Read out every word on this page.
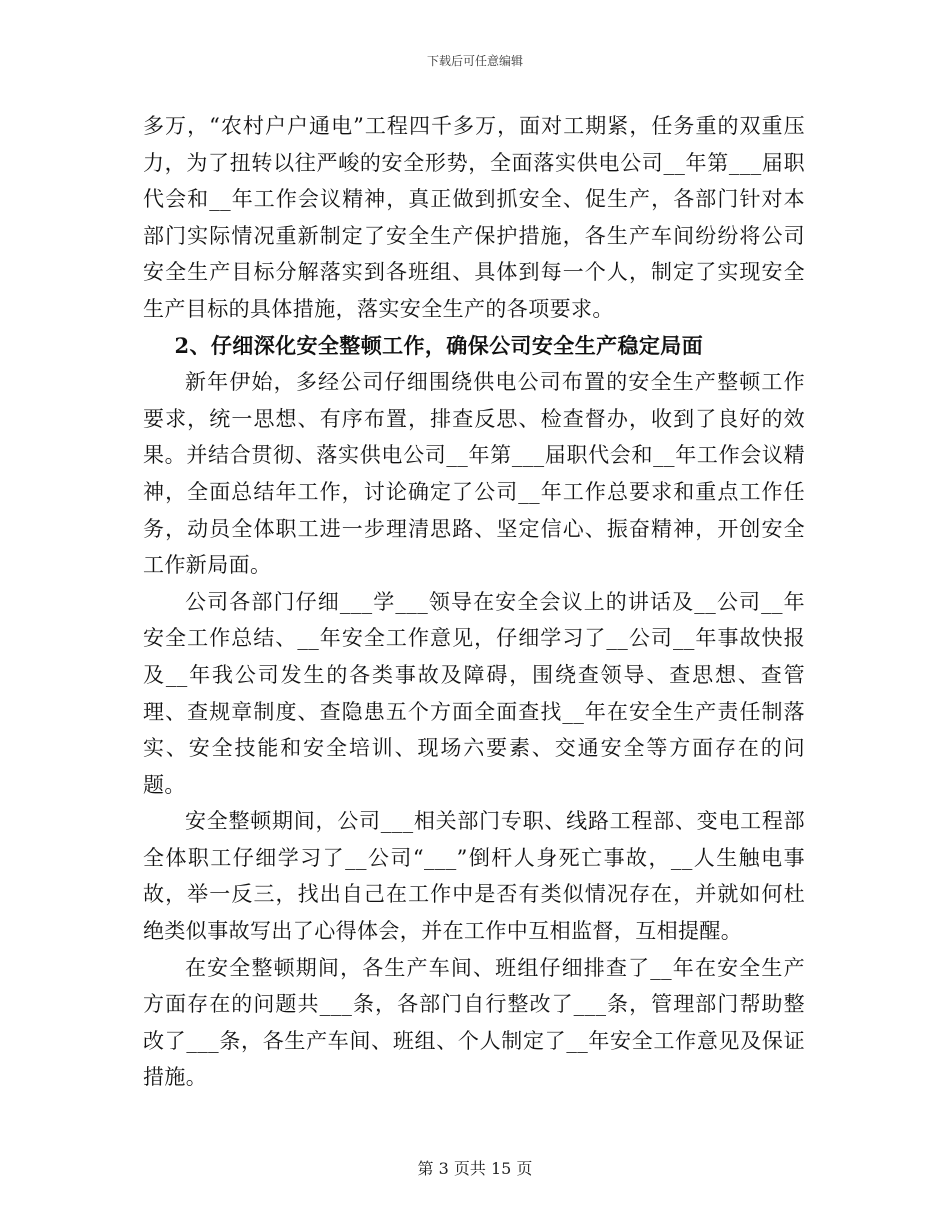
下载后可任意编辑

多万，“农村户户通电”工程四千多万，面对工期紧，任务重的双重压力，为了扭转以往严峻的安全形势，全面落实供电公司__年第___届职代会和__年工作会议精神，真正做到抓安全、促生产，各部门针对本部门实际情况重新制定了安全生产保护措施，各生产车间纷纷将公司安全生产目标分解落实到各班组、具体到每一个人，制定了实现安全生产目标的具体措施，落实安全生产的各项要求。

2、仔细深化安全整顿工作，确保公司安全生产稳定局面

新年伊始，多经公司仔细围绕供电公司布置的安全生产整顿工作要求，统一思想、有序布置，排查反思、检查督办，收到了良好的效果。并结合贯彻、落实供电公司__年第___届职代会和__年工作会议精神，全面总结年工作，讨论确定了公司__年工作总要求和重点工作任务，动员全体职工进一步理清思路、坚定信心、振奋精神，开创安全工作新局面。

公司各部门仔细___学___领导在安全会议上的讲话及__公司__年安全工作总结、__年安全工作意见，仔细学习了__公司__年事故快报及__年我公司发生的各类事故及障碍，围绕查领导、查思想、查管理、查规章制度、查隐患五个方面全面查找__年在安全生产责任制落实、安全技能和安全培训、现场六要素、交通安全等方面存在的问题。

安全整顿期间，公司___相关部门专职、线路工程部、变电工程部全体职工仔细学习了__公司“___”倒杆人身死亡事故，__人生触电事故，举一反三，找出自己在工作中是否有类似情况存在，并就如何杜绝类似事故写出了心得体会，并在工作中互相监督，互相提醒。

在安全整顿期间，各生产车间、班组仔细排查了__年在安全生产方面存在的问题共___条，各部门自行整改了___条，管理部门帮助整改了___条，各生产车间、班组、个人制定了__年安全工作意见及保证措施。

第 3 页共 15 页
